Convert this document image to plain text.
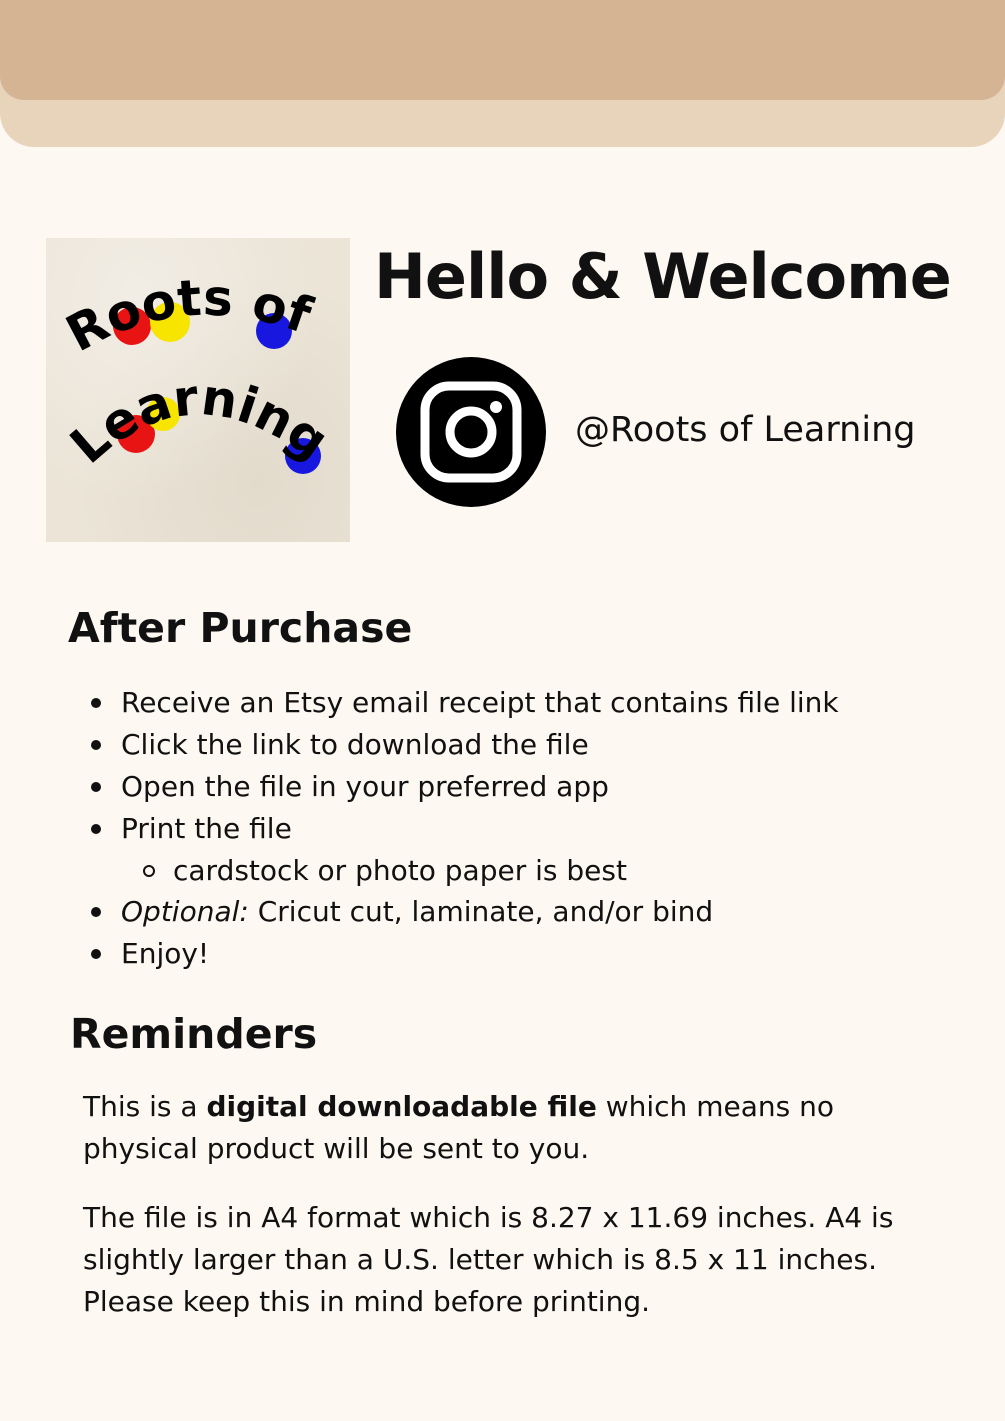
Roots of
Learning
Hello & Welcome
@Roots of Learning
After Purchase
Receive an Etsy email receipt that contains file link
Click the link to download the file
Open the file in your preferred app
Print the file
cardstock or photo paper is best
Optional: Cricut cut, laminate, and/or bind
Enjoy!
Reminders

This is a digital downloadable file which means no physical product will be sent to you.

The file is in A4 format which is 8.27 x 11.69 inches. A4 is slightly larger than a U.S. letter which is 8.5 x 11 inches. Please keep this in mind before printing.
